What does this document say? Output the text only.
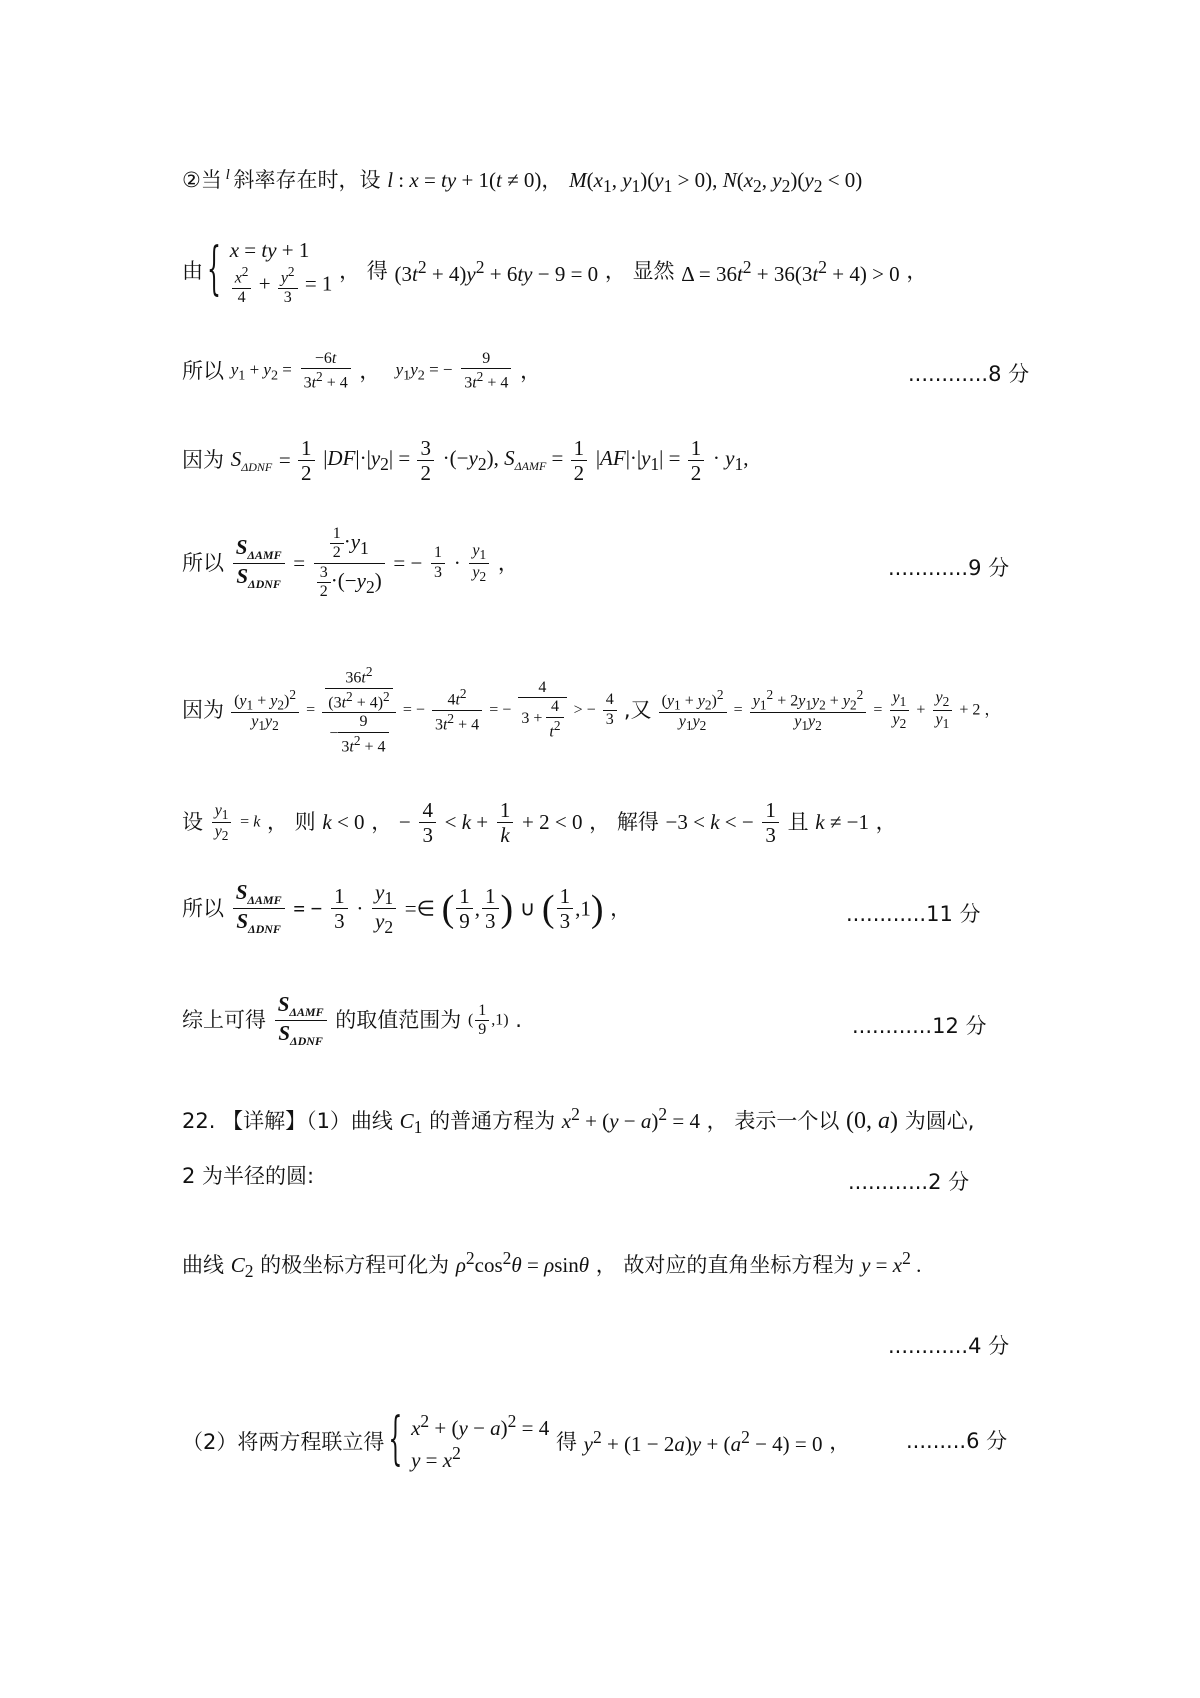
②当 $^l$ 斜率存在时，设 l : x = ty + 1(t ≠ 0)， $M(x_1$, $y_1)(y_1 > 0)$, $N(x_2$, $y_2)(y_2 < 0)$
由 { x = ty + 1
$\frac{x^2}{4} + \frac{y^2}{3} = 1$
， 得 $(3t^2 + 4)y^2 + 6ty - 9 = 0$ ， 显然 $\Delta = 36t^2 + 36(3t^2 + 4) > 0$ ，
所以 $y_1 + y_2 = \frac{-6t}{3t^2 + 4}$ ， $y_1y_2$ = − $\frac{9}{3t^2 + 4}$ ，	............8 分
因为 $S_{\Delta DNF} = \frac{1}{2} |DF|\cdot|y_2| = \frac{3}{2} \cdot(-y_2)$, $S_{\Delta AMF} = \frac{1}{2} |AF|\cdot|y_1| = \frac{1}{2} \cdot y_1$,
所以 $\frac{S_{\Delta AMF}}{S_{\Delta DNF}} = \frac{\frac{1}{2} \cdot y_1}{\frac{3}{2} \cdot(-y_2)}$ = − $\frac{1}{3} \cdot \frac{y_1}{y_2}$ ，	............9 分
因为 $\frac{(y_1 + y_2)^2}{y_1y_2} = \frac{\frac{36t^2}{(3t^2 + 4)^2}}{- \frac{9}{3t^2 + 4}}$ = − $\frac{4t^2}{3t^2 + 4}$ = − $\frac{4}{3 + \frac{4}{t^2}}$ > − $\frac{4}{3}$ ,又 $\frac{(y_1 + y_2)^2}{y_1y_2} = \frac{y_1^2 + 2y_1y_2 + y_2^2}{y_1y_2} = \frac{y_1}{y_2} + \frac{y_2}{y_1} + 2$ ，
设 $\frac{y_1}{y_2} = k$ ， 则 k < 0 ， − $\frac{4}{3} < k + \frac{1}{k} + 2 < 0$ ， 解得 −3 < k < − $\frac{1}{3}$ 且 k ≠ −1 ，
所以 $\frac{S_{\Delta AMF}}{S_{\Delta DNF}}$ = − $\frac{1}{3} \cdot \frac{y_1}{y_2}$ =∈ ( $\frac{1}{9}$ , $\frac{1}{3}$ ) ∪ ( $\frac{1}{3} ,1$) ，	............11 分
综上可得 $\frac{S_{\Delta AMF}}{S_{\Delta DNF}}$ 的取值范围为 ( $\frac{1}{9} ,1$) .	............12 分
22. 【详解】（1）曲线 $C_1$ 的普通方程为 $x^2 + (y - a)^2 = 4$ ， 表示一个以 (0, a) 为圆心,
2 为半径的圆:	............2 分
曲线 $C_2$ 的极坐标方程可化为 $\rho^2\cos^2\theta = \rho\sin\theta$ ， 故对应的直角坐标方程为 $y = x^2$ .
............4 分
（2）将两方程联立得 { $x^2 + (y - a)^2 = 4$
$y = x^2$	得 $y^2 + (1 - 2a)y + (a^2 - 4) = 0$ ，	.........6 分
